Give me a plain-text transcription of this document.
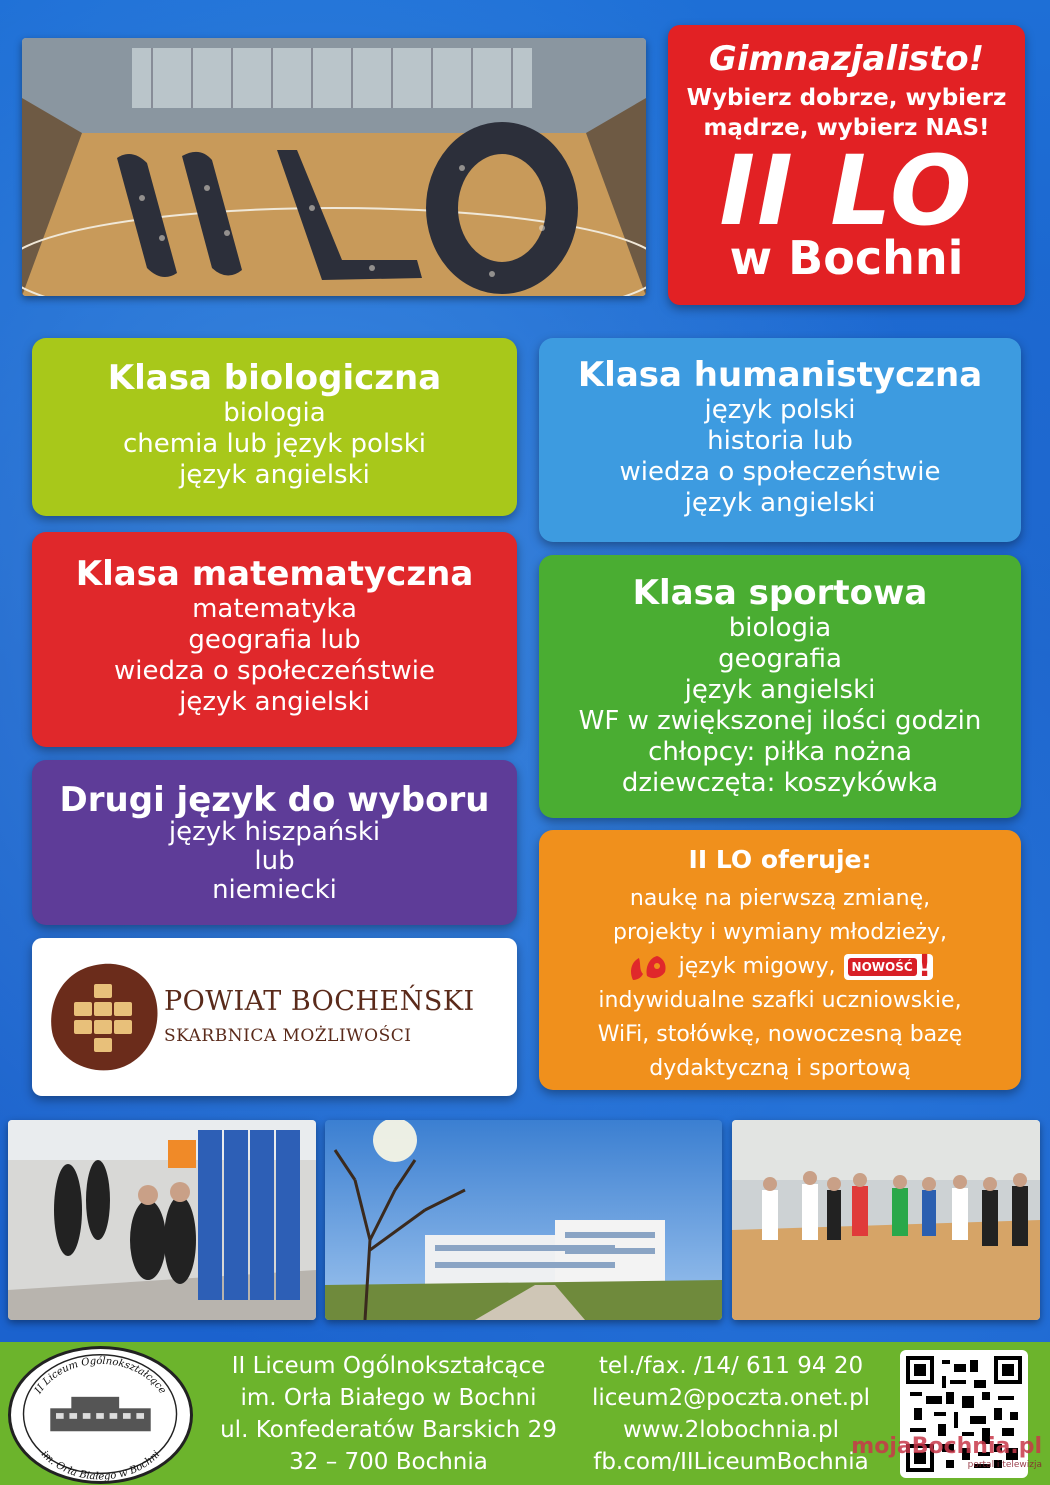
Gimnazjalisto!
Wybierz dobrze, wybierz
mądrze, wybierz NAS!
II LO
w Bochni
Klasa biologiczna
biologia
chemia lub język polski
język angielski
Klasa humanistyczna
język polski
historia lub
wiedza o społeczeństwie
język angielski
Klasa matematyczna
matematyka
geografia lub
wiedza o społeczeństwie
język angielski
Klasa sportowa
biologia
geografia
język angielski
WF w zwiększonej ilości godzin
chłopcy: piłka nożna
dziewczęta: koszykówka
Drugi język do wyboru
język hiszpański
lub
niemiecki
II LO oferuje:
naukę na pierwszą zmianę,
projekty i wymiany młodzieży,
język migowy,	NOWOŚĆ !
indywidualne szafki uczniowskie,
WiFi, stołówkę, nowoczesną bazę
dydaktyczną i sportową
POWIAT BOCHEŃSKI
SKARBNICA MOŻLIWOŚCI
II Liceum Ogólnokształcące
im. Orła Białego w Bochni
II Liceum Ogólnokształcące
im. Orła Białego w Bochni
ul. Konfederatów Barskich 29
32 – 700 Bochnia
tel./fax. /14/ 611 94 20
liceum2@poczta.onet.pl
www.2lobochnia.pl
fb.com/IILiceumBochnia
mojaBochnia.pl
portal i telewizja
